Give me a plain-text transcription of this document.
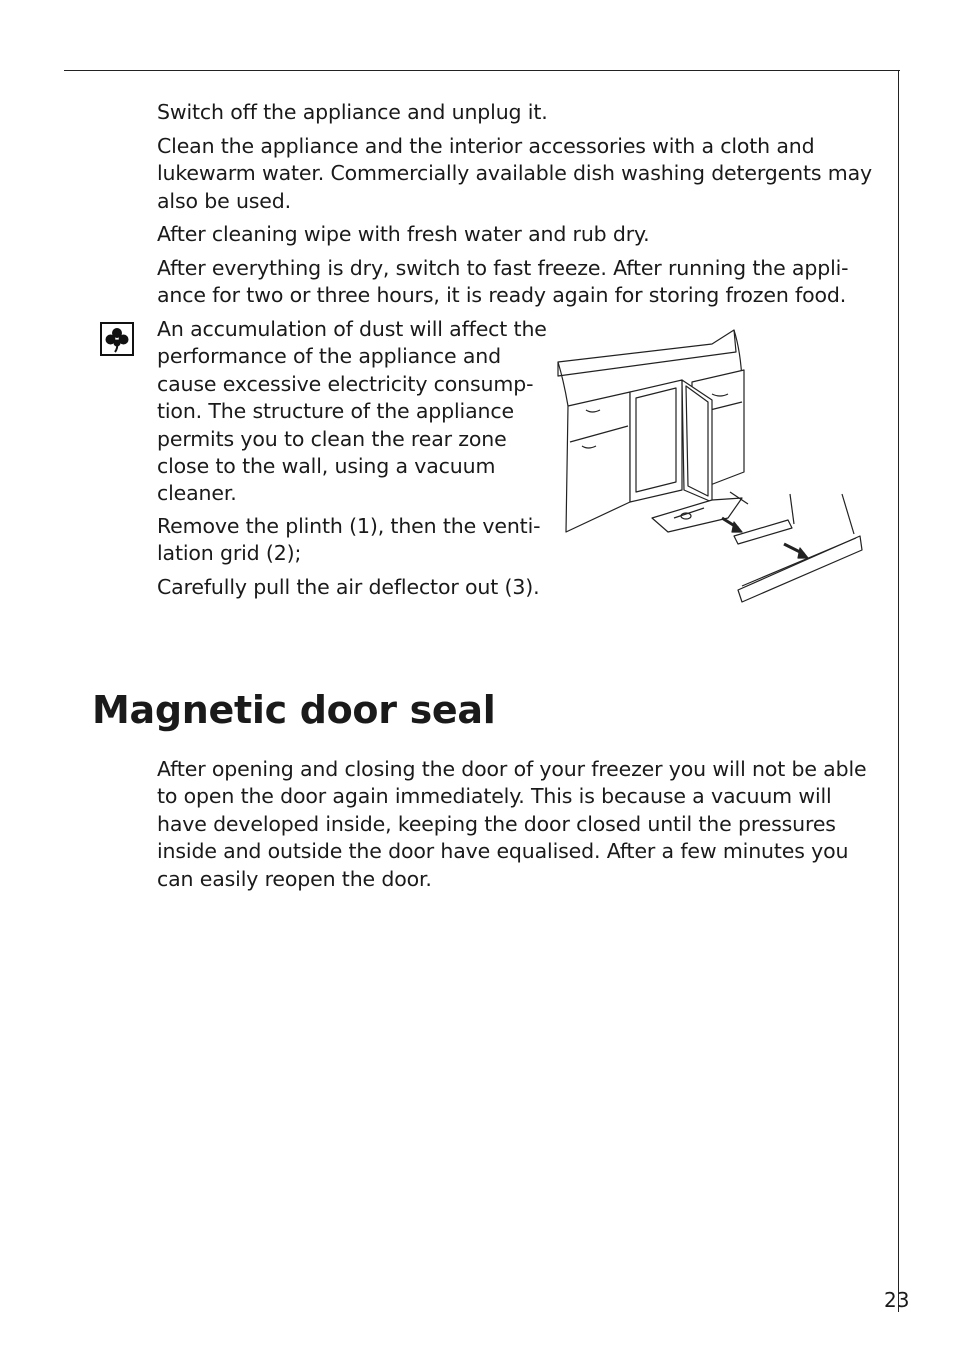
Switch off the appliance and unplug it.

Clean the appliance and the interior accessories with a cloth and lukewarm water. Commercially available dish washing detergents may also be used.

After cleaning wipe with fresh water and rub dry.

After everything is dry, switch to fast freeze. After running the appli- ance for two or three hours, it is ready again for storing frozen food.

An accumulation of dust will affect the performance of the appliance and cause excessive electricity consump- tion. The structure of the appliance permits you to clean the rear zone close to the wall, using a vacuum cleaner.

Remove the plinth (1), then the venti- lation grid (2);

Carefully pull the air deflector out (3).

Magnetic door seal

After opening and closing the door of your freezer you will not be able to open the door again immediately. This is because a vacuum will have developed inside, keeping the door closed until the pressures inside and outside the door have equalised. After a few minutes you can easily reopen the door.

23
